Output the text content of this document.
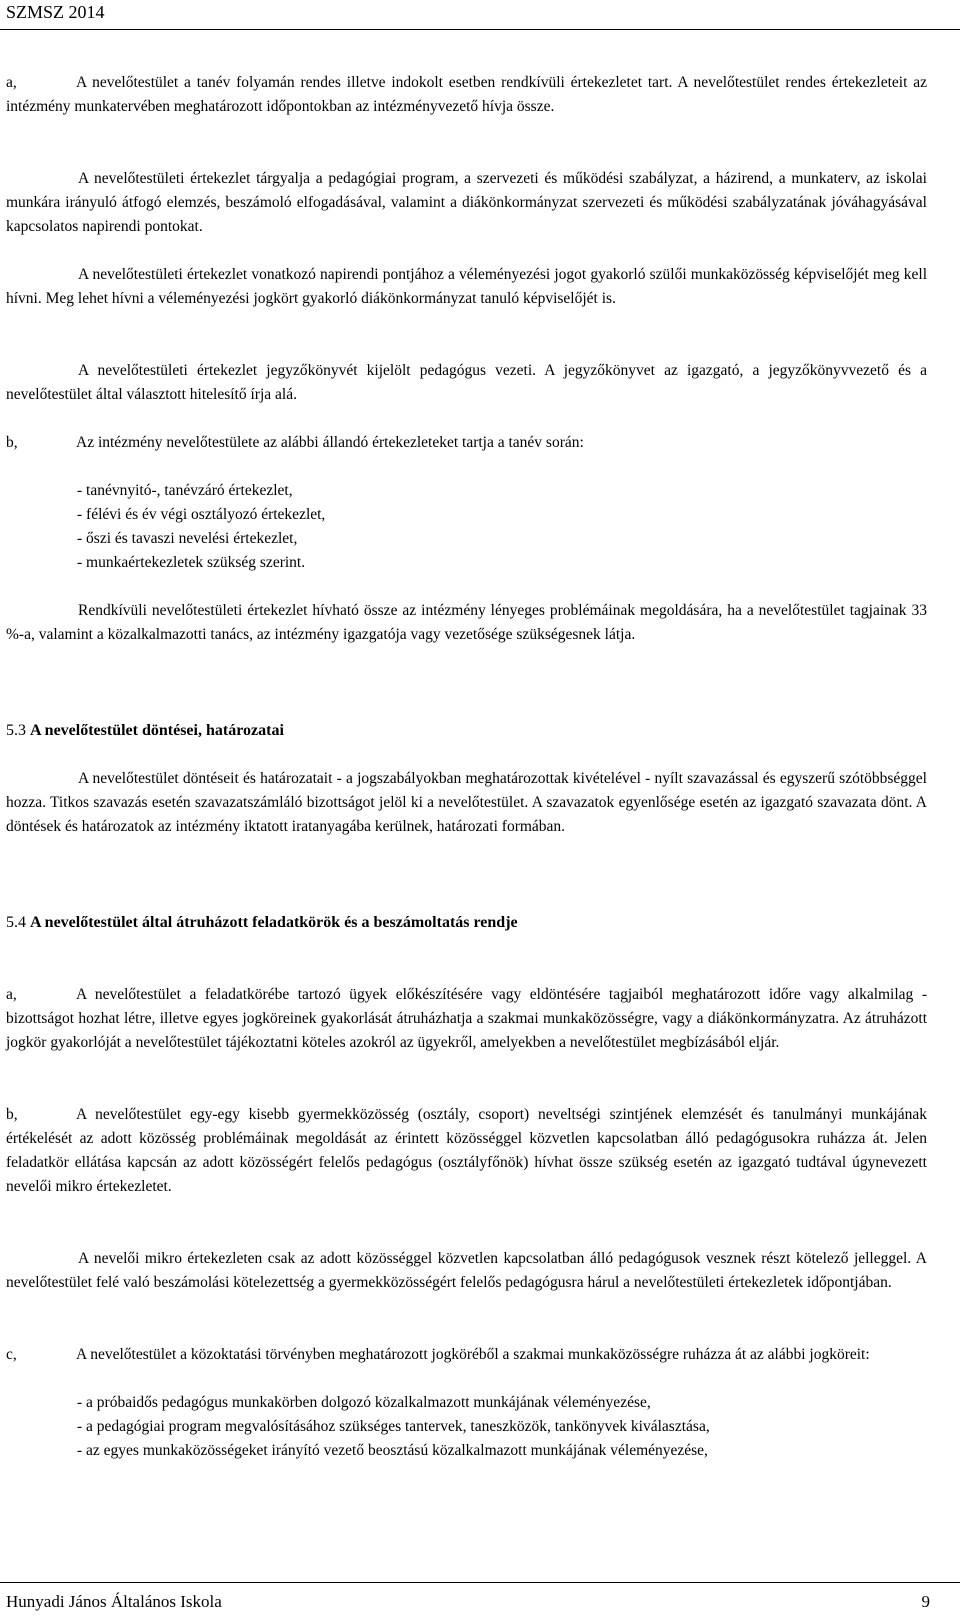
SZMSZ 2014
a,	A nevelőtestület a tanév folyamán rendes illetve indokolt esetben rendkívüli értekezletet tart. A nevelőtestület rendes értekezleteit az intézmény munkatervében meghatározott időpontokban az intézményvezető hívja össze.
A nevelőtestületi értekezlet tárgyalja a pedagógiai program, a szervezeti és működési szabályzat, a házirend, a munkaterv, az iskolai munkára irányuló átfogó elemzés, beszámoló elfogadásával, valamint a diákönkormányzat szervezeti és működési szabályzatának jóváhagyásával kapcsolatos napirendi pontokat.
A nevelőtestületi értekezlet vonatkozó napirendi pontjához a véleményezési jogot gyakorló szülői munkaközösség képviselőjét meg kell hívni. Meg lehet hívni a véleményezési jogkört gyakorló diákönkormányzat tanuló képviselőjét is.
A nevelőtestületi értekezlet jegyzőkönyvét kijelölt pedagógus vezeti. A jegyzőkönyvet az igazgató, a jegyzőkönyvvezető és a nevelőtestület által választott hitelesítő írja alá.
b,	Az intézmény nevelőtestülete az alábbi állandó értekezleteket tartja a tanév során:
- tanévnyitó-, tanévzáró értekezlet,
- félévi és év végi osztályozó értekezlet,
- őszi és tavaszi nevelési értekezlet,
- munkaértekezletek szükség szerint.
Rendkívüli nevelőtestületi értekezlet hívható össze az intézmény lényeges problémáinak megoldására, ha a nevelőtestület tagjainak 33 %-a, valamint a közalkalmazotti tanács, az intézmény igazgatója vagy vezetősége szükségesnek látja.
5.3 A nevelőtestület döntései, határozatai
A nevelőtestület döntéseit és határozatait - a jogszabályokban meghatározottak kivételével - nyílt szavazással és egyszerű szótöbbséggel hozza. Titkos szavazás esetén szavazatszámláló bizottságot jelöl ki a nevelőtestület. A szavazatok egyenlősége esetén az igazgató szavazata dönt. A döntések és határozatok az intézmény iktatott iratanyagába kerülnek, határozati formában.
5.4 A nevelőtestület által átruházott feladatkörök és a beszámoltatás rendje
a,	A nevelőtestület a feladatkörébe tartozó ügyek előkészítésére vagy eldöntésére tagjaiból meghatározott időre vagy alkalmilag - bizottságot hozhat létre, illetve egyes jogköreinek gyakorlását átruházhatja a szakmai munkaközösségre, vagy a diákönkormányzatra. Az átruházott jogkör gyakorlóját a nevelőtestület tájékoztatni köteles azokról az ügyekről, amelyekben a nevelőtestület megbízásából eljár.
b,	A nevelőtestület egy-egy kisebb gyermekközösség (osztály, csoport) neveltségi szintjének elemzését és tanulmányi munkájának értékelését az adott közösség problémáinak megoldását az érintett közösséggel közvetlen kapcsolatban álló pedagógusokra ruházza át. Jelen feladatkör ellátása kapcsán az adott közösségért felelős pedagógus (osztályfőnök) hívhat össze szükség esetén az igazgató tudtával úgynevezett nevelői mikro értekezletet.
A nevelői mikro értekezleten csak az adott közösséggel közvetlen kapcsolatban álló pedagógusok vesznek részt kötelező jelleggel. A nevelőtestület felé való beszámolási kötelezettség a gyermekközösségért felelős pedagógusra hárul a nevelőtestületi értekezletek időpontjában.
c,	A nevelőtestület a közoktatási törvényben meghatározott jogköréből a szakmai munkaközösségre ruházza át az alábbi jogköreit:
- a próbaidős pedagógus munkakörben dolgozó közalkalmazott munkájának véleményezése,
- a pedagógiai program megvalósításához szükséges tantervek, taneszközök, tankönyvek kiválasztása,
- az egyes munkaközösségeket irányító vezető beosztású közalkalmazott munkájának véleményezése,
Hunyadi János Általános Iskola	9
